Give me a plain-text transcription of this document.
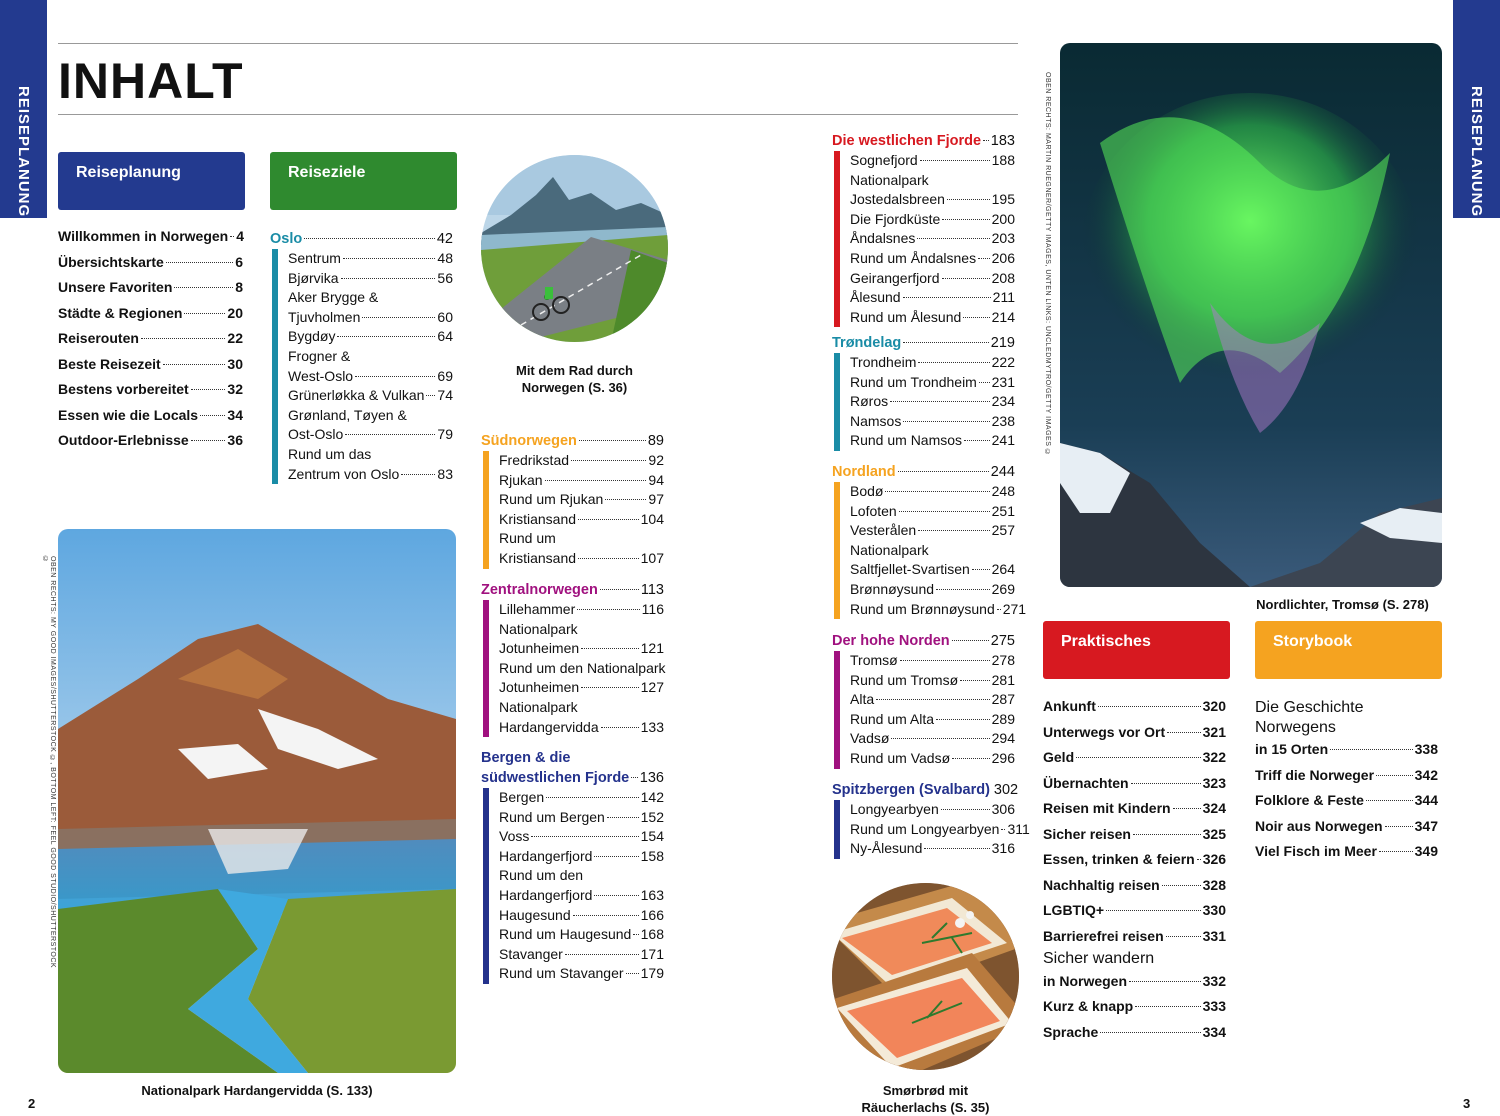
REISEPLANUNG	REISEPLANUNG
INHALT
Reiseplanung	Reiseziele
Praktisches	Storybook
Willkommen in Norwegen 4
Übersichtskarte	6
Unsere Favoriten	8
Städte & Regionen	20
Reiserouten	22
Beste Reisezeit	30
Bestens vorbereitet	32
Essen wie die Locals 34
Outdoor-Erlebnisse	36
Oslo	42
Sentrum	48
Bjørvika	56
Aker Brygge &
Tjuvholmen	60
Bygdøy	64
Frogner &
West-Oslo	69
Grünerløkka & Vulkan 74
Grønland, Tøyen &
Ost-Oslo	79
Rund um das
Zentrum von Oslo	83
Südnorwegen	89
Fredrikstad	92
Rjukan	94
Rund um Rjukan	97
Kristiansand	104
Rund um
Kristiansand	107
Zentralnorwegen	113
Lillehammer	116
Nationalpark
Jotunheimen	121
Rund um den Nationalpark
Jotunheimen	127
Nationalpark
Hardangervidda	133
Bergen & die
südwestlichen Fjorde 136
Bergen	142
Rund um Bergen	152
Voss	154
Hardangerfjord	158
Rund um den
Hardangerfjord	163
Haugesund	166
Rund um Haugesund 168
Stavanger	171
Rund um Stavanger 179
Die westlichen Fjorde 183
Sognefjord	188
Nationalpark
Jostedalsbreen	195
Die Fjordküste	200
Åndalsnes	203
Rund um Åndalsnes 206
Geirangerfjord	208
Ålesund	211
Rund um Ålesund 214
Trøndelag	219
Trondheim	222
Rund um Trondheim 231
Røros	234
Namsos	238
Rund um Namsos 241
Nordland	244
Bodø	248
Lofoten	251
Vesterålen	257
Nationalpark
Saltfjellet-Svartisen 264
Brønnøysund	269
Rund um Brønnøysund 271
Der hohe Norden	275
Tromsø	278
Rund um Tromsø 281
Alta	287
Rund um Alta	289
Vadsø	294
Rund um Vadsø	296
Spitzbergen (Svalbard) 302
Longyearbyen	306
Rund um Longyearbyen 311
Ny-Ålesund	316
Ankunft	320
Unterwegs vor Ort	321
Geld	322
Übernachten	323
Reisen mit Kindern 324
Sicher reisen	325
Essen, trinken & feiern 326
Nachhaltig reisen	328
LGBTIQ+	330
Barrierefrei reisen	331
Sicher wandern
in Norwegen	332
Kurz & knapp	333
Sprache	334
Die Geschichte
Norwegens
in 15 Orten	338
Triff die Norweger	342
Folklore & Feste	344
Noir aus Norwegen 347
Viel Fisch im Meer	349
Mit dem Rad durch
Norwegen (S. 36)
Nationalpark Hardangervidda (S. 133)
Nordlichter, Tromsø (S. 278)
Smørbrød mit
Räucherlachs (S. 35)
OBEN RECHTS: MY GOOD IMAGES/SHUTTERSTOCK ©, BOTTOM LEFT: FEEL GOOD STUDIO/SHUTTERSTOCK ©
OBEN RECHTS: MARTIN RUEGNER/GETTY IMAGES, UNTEN LINKS: UNCLEDMYTRO/GETTY IMAGES ©
2	3
